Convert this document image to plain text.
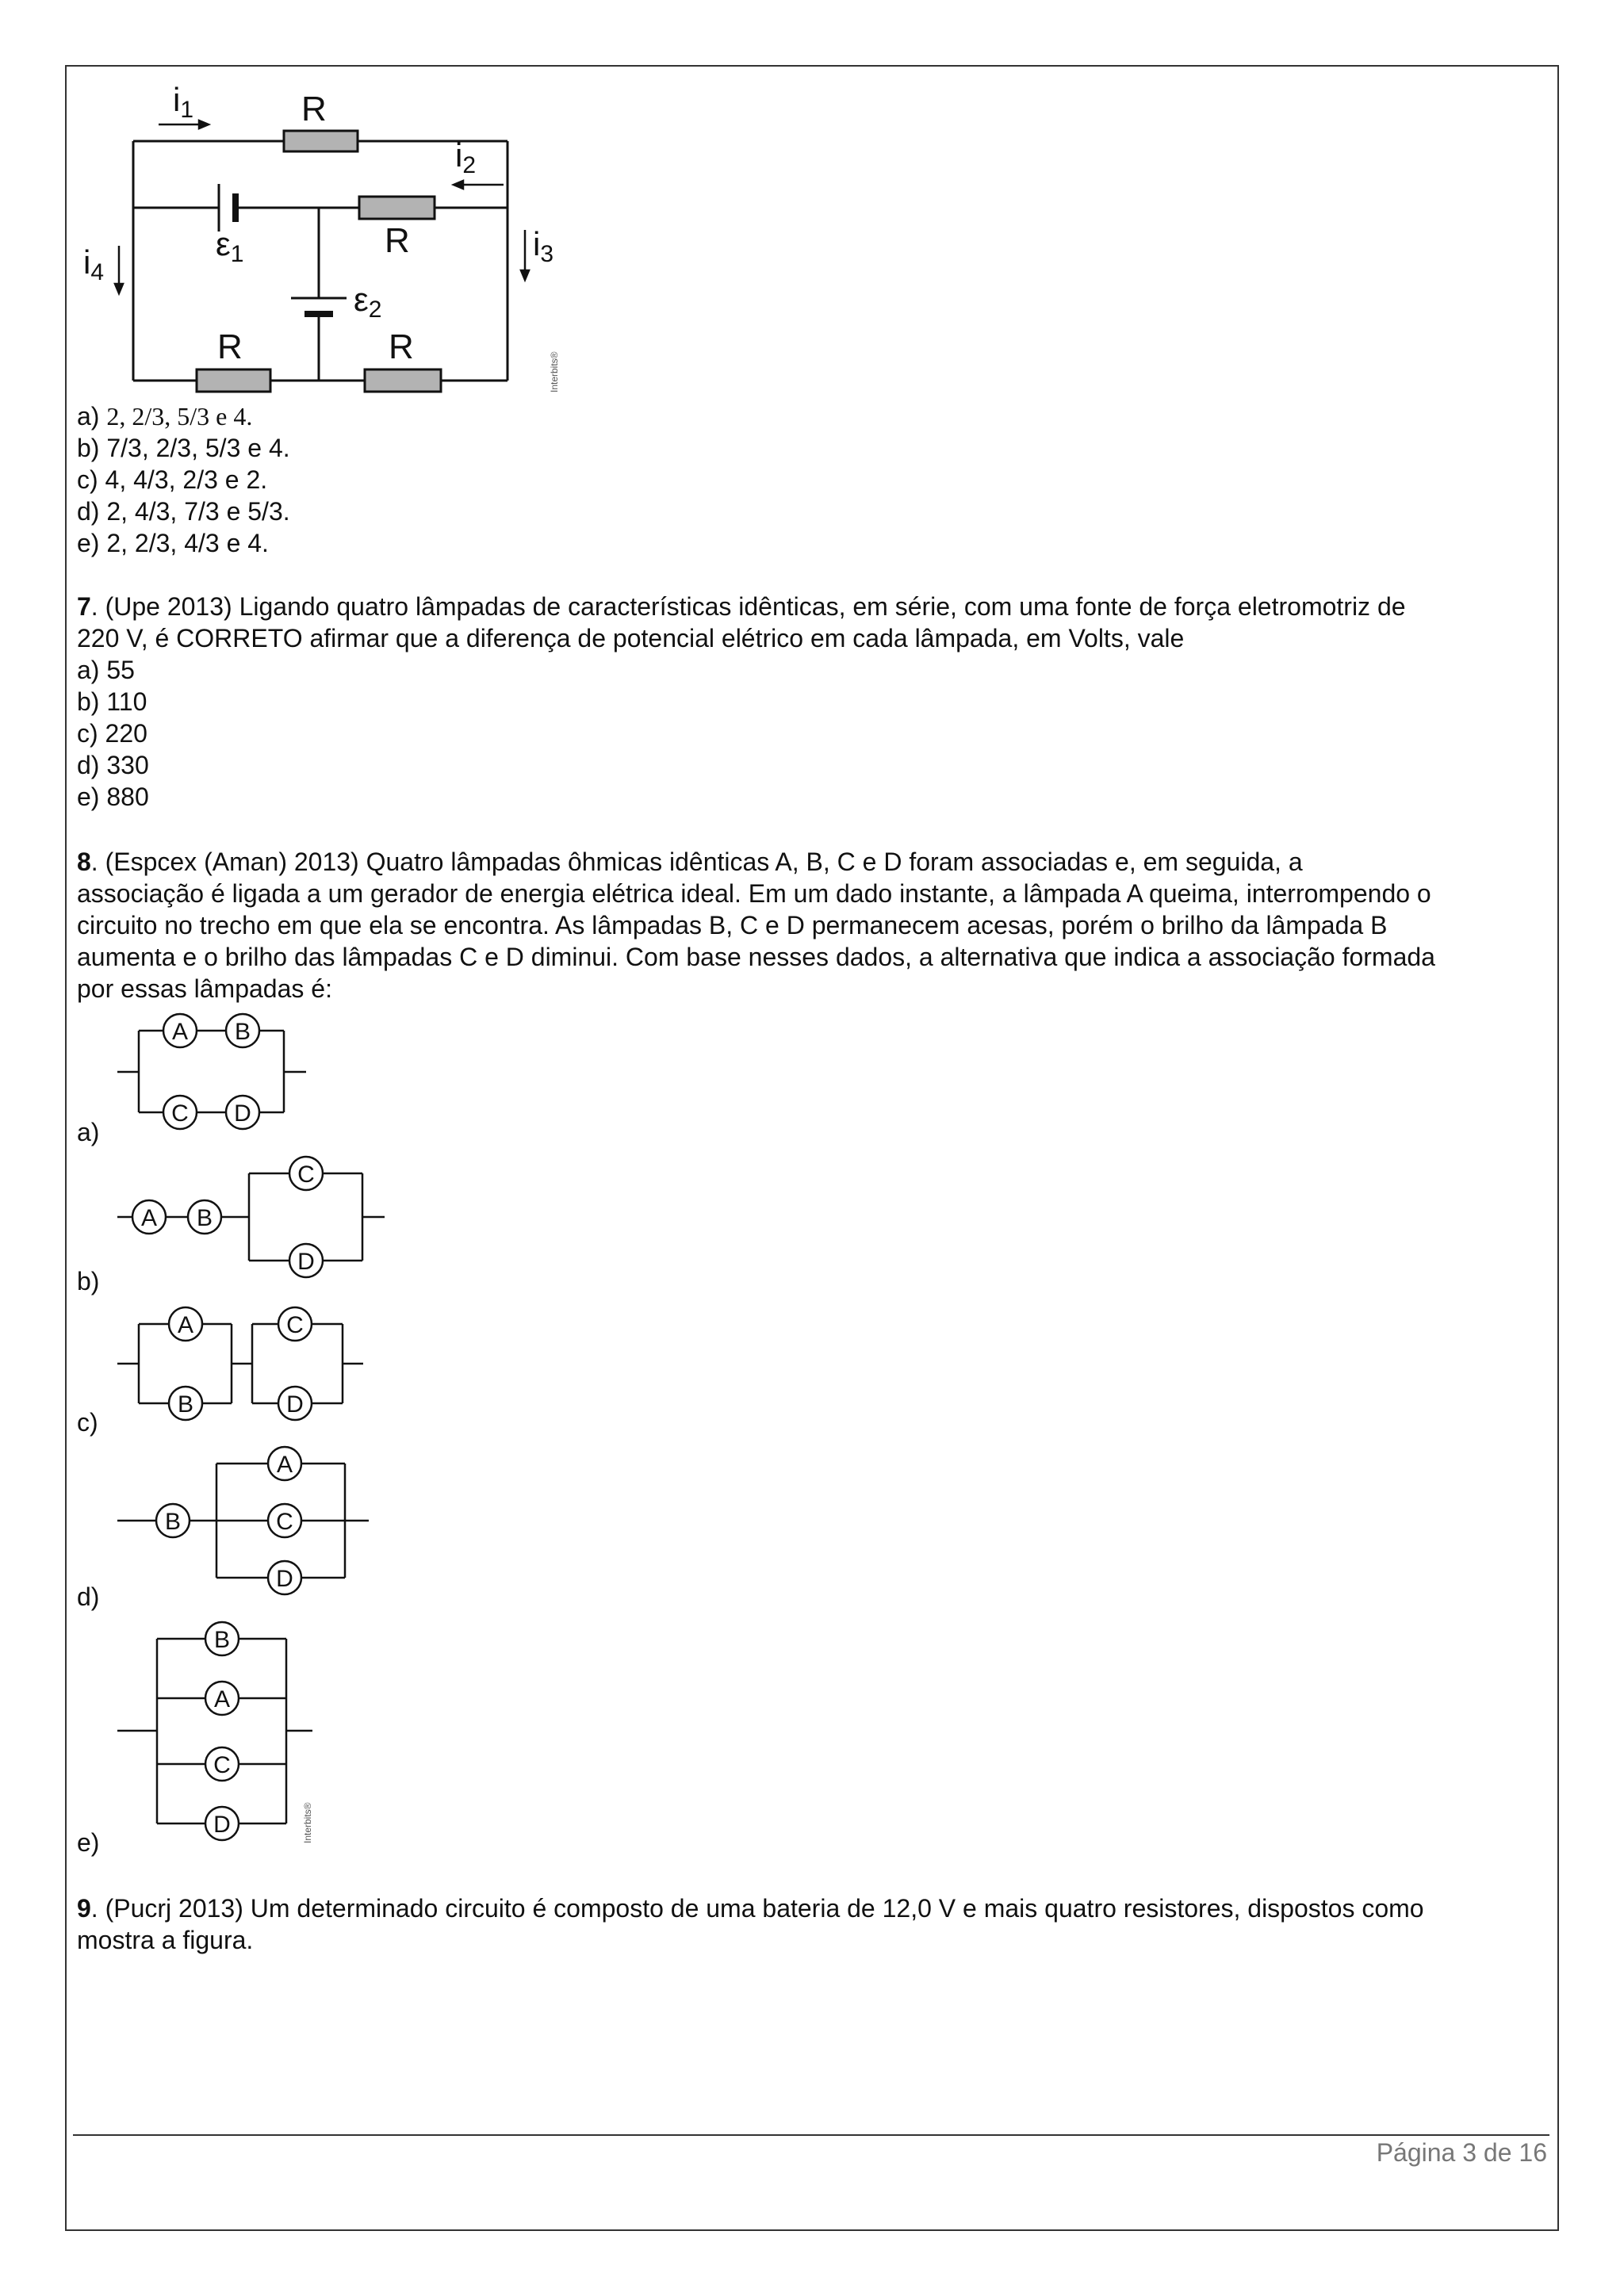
i1	R
i2
ε1	R	i3
i4
ε2
R	R
Interbits®
a) 2, 2/3, 5/3 e 4.
b) 7/3, 2/3, 5/3 e 4.
c) 4, 4/3, 2/3 e 2.
d) 2, 4/3, 7/3 e 5/3.
e) 2, 2/3, 4/3 e 4.
7. (Upe 2013) Ligando quatro lâmpadas de características idênticas, em série, com uma fonte de força eletromotriz de
220 V, é CORRETO afirmar que a diferença de potencial elétrico em cada lâmpada, em Volts, vale
a) 55
b) 110
c) 220
d) 330
e) 880
8. (Espcex (Aman) 2013) Quatro lâmpadas ôhmicas idênticas A, B, C e D foram associadas e, em seguida, a
associação é ligada a um gerador de energia elétrica ideal. Em um dado instante, a lâmpada A queima, interrompendo o
circuito no trecho em que ela se encontra. As lâmpadas B, C e D permanecem acesas, porém o brilho da lâmpada B
aumenta e o brilho das lâmpadas C e D diminui. Com base nesses dados, a alternativa que indica a associação formada
por essas lâmpadas é:
a)
b)
c)
d)
e)
A B
C D
A B
C
D
A
B
C
D
B
A
C
D
B
A
C
D	Interbits®
9. (Pucrj 2013) Um determinado circuito é composto de uma bateria de 12,0 V e mais quatro resistores, dispostos como
mostra a figura.
Página 3 de 16
